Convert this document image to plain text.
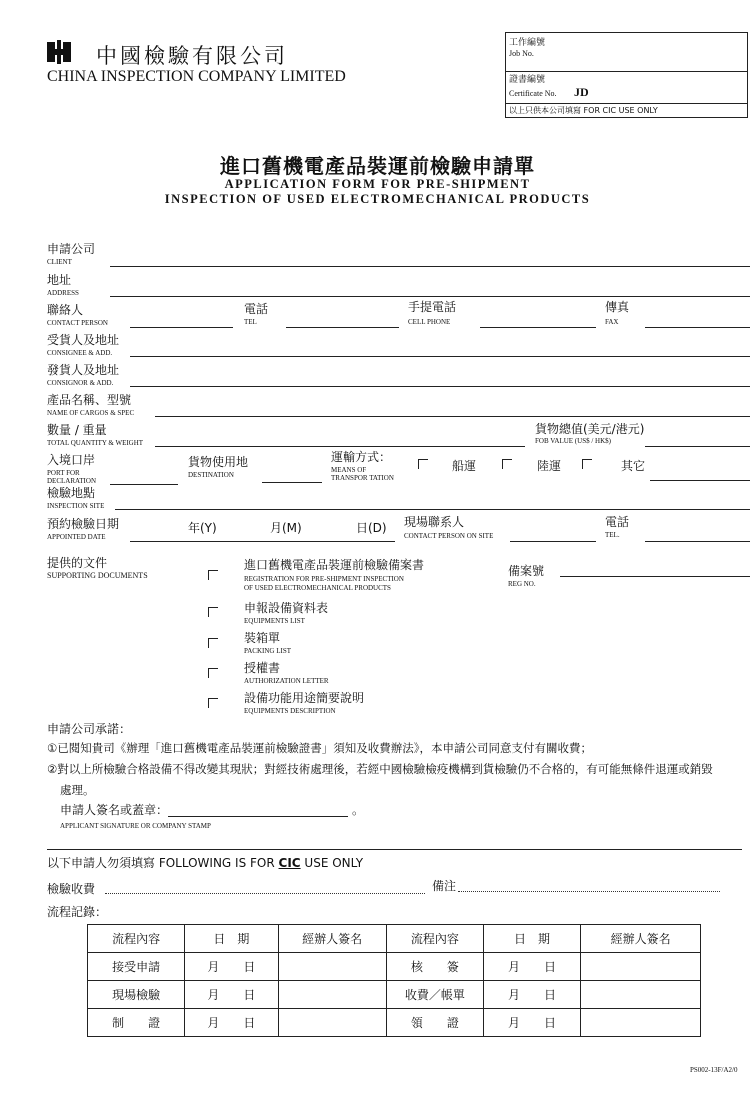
中國檢驗有限公司
CHINA INSPECTION COMPANY LIMITED
工作編號
Job No.
證書編號
Certificate No. JD
以上只供本公司填寫 FOR CIC USE ONLY
進口舊機電產品裝運前檢驗申請單
APPLICATION FORM FOR PRE-SHIPMENT
INSPECTION OF USED ELECTROMECHANICAL PRODUCTS
申請公司
CLIENT
地址
ADDRESS
聯絡人
CONTACT PERSON
電話
TEL
手提電話
CELL PHONE
傳真
FAX
受貨人及地址
CONSIGNEE & ADD.
發貨人及地址
CONSIGNOR & ADD.
產品名稱、型號
NAME OF CARGOS & SPEC
數量 / 重量
TOTAL QUANTITY & WEIGHT
貨物總值(美元/港元)
FOB VALUE (US$ / HK$)
入境口岸
PORT FOR
DECLARATION
貨物使用地
DESTINATION
運輸方式：
MEANS OF
TRANSPOR TATION
船運	陸運	其它
檢驗地點
INSPECTION SITE
預約檢驗日期
APPOINTED DATE
年(Y)	月(M)	日(D) 現場聯系人
CONTACT PERSON ON SITE
電話
TEL.
提供的文件
SUPPORTING DOCUMENTS	備案號
REG NO.
進口舊機電產品裝運前檢驗備案書
REGISTRATION FOR PRE-SHIPMENT INSPECTION
OF USED ELECTROMECHANICAL PRODUCTS
申報設備資料表
EQUIPMENTS LIST
裝箱單
PACKING LIST
授權書
AUTHORIZATION LETTER
設備功能用途簡要說明
EQUIPMENTS DESCRIPTION
申請公司承諾：
①已閱知貴司《辦理「進口舊機電產品裝運前檢驗證書」須知及收費辦法》，本申請公司同意支付有關收費；
②對以上所檢驗合格設備不得改變其現狀；對經技術處理後，若經中國檢驗檢疫機構到貨檢驗仍不合格的，有可能無條件退運或銷毀
處理。
申請人簽名或蓋章：	。
APPLICANT SIGNATURE OR COMPANY STAMP
以下申請人勿須填寫 FOLLOWING IS FOR CIC USE ONLY
檢驗收費	備注
流程記錄：
流程內容	日　期	經辦人簽名	流程內容	日　期	經辦人簽名
接受申請	月　　日		核　　簽	月　　日	
現場檢驗	月　　日		收費／帳單	月　　日	
制　　證	月　　日		領　　證	月　　日	
PS002-13F/A2/0
